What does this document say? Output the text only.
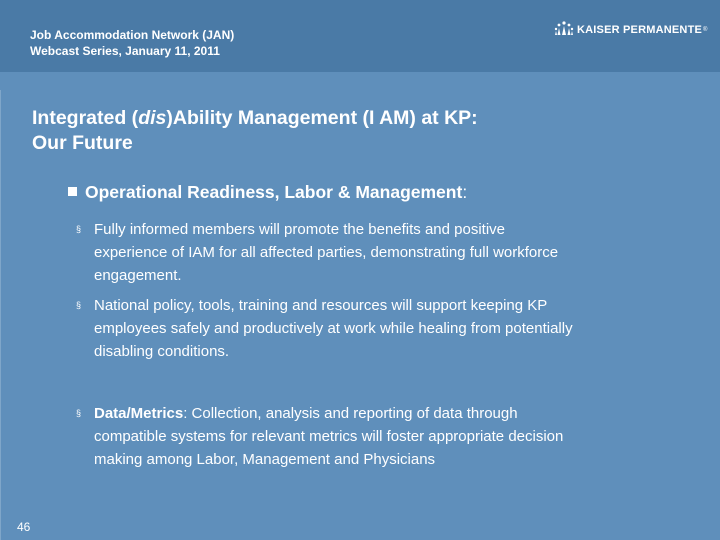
Job Accommodation Network (JAN)
Webcast Series, January 11, 2011
KAISER PERMANENTE ®
Integrated (dis)Ability Management (I AM) at KP:
Our Future
Operational Readiness, Labor & Management:
§ Fully informed members will promote the benefits and positive
experience of IAM for all affected parties, demonstrating full workforce
engagement.
§ National policy, tools, training and resources will support keeping KP
employees safely and productively at work while healing from potentially
disabling conditions.
§ Data/Metrics: Collection, analysis and reporting of data through
compatible systems for relevant metrics will foster appropriate decision
making among Labor, Management and Physicians
46
